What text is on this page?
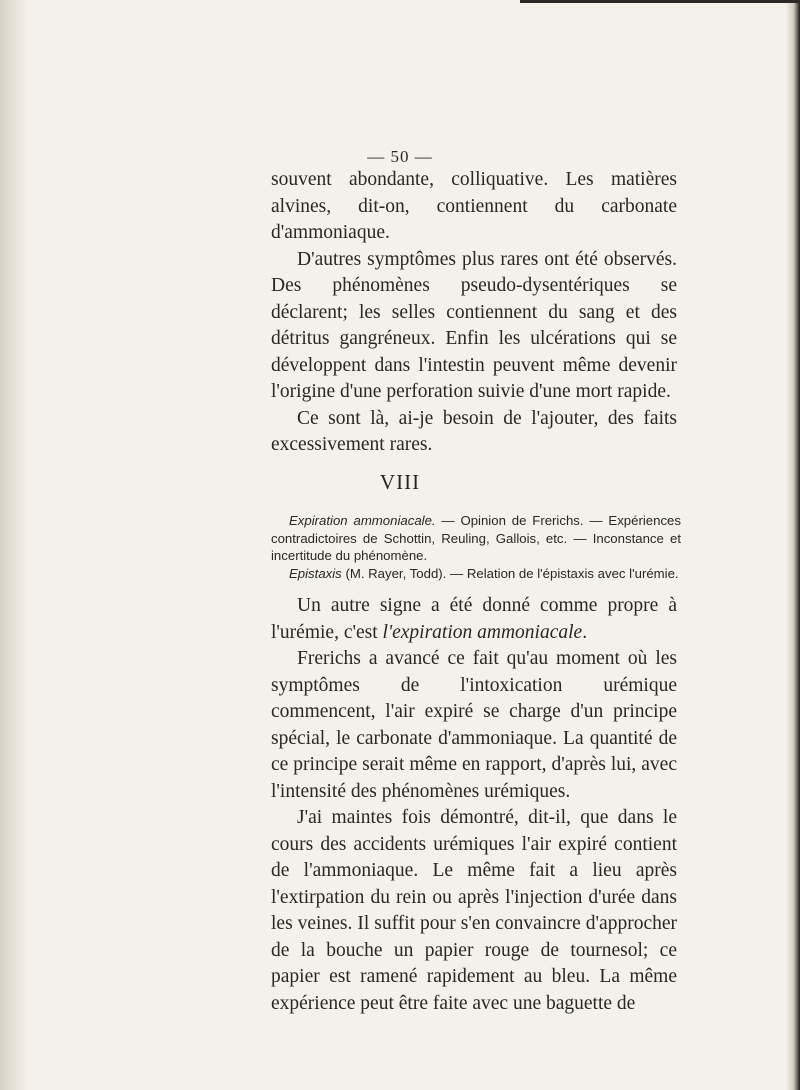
— 50 —

souvent abondante, colliquative. Les matières alvines, dit-on, contiennent du carbonate d'ammoniaque.

D'autres symptômes plus rares ont été observés. Des phénomènes pseudo-dysentériques se déclarent; les selles contiennent du sang et des détritus gangréneux. Enfin les ulcérations qui se développent dans l'intestin peuvent même devenir l'origine d'une perforation suivie d'une mort rapide.

Ce sont là, ai-je besoin de l'ajouter, des faits excessivement rares.

VIII

Expiration ammoniacale. — Opinion de Frerichs. — Expériences contradictoires de Schottin, Reuling, Gallois, etc. — Inconstance et incertitude du phénomène.

Epistaxis (M. Rayer, Todd). — Relation de l'épistaxis avec l'urémie.

Un autre signe a été donné comme propre à l'urémie, c'est l'expiration ammoniacale.

Frerichs a avancé ce fait qu'au moment où les symptômes de l'intoxication urémique commencent, l'air expiré se charge d'un principe spécial, le carbonate d'ammoniaque. La quantité de ce principe serait même en rapport, d'après lui, avec l'intensité des phénomènes urémiques.

J'ai maintes fois démontré, dit-il, que dans le cours des accidents urémiques l'air expiré contient de l'ammoniaque. Le même fait a lieu après l'extirpation du rein ou après l'injection d'urée dans les veines. Il suffit pour s'en convaincre d'approcher de la bouche un papier rouge de tournesol; ce papier est ramené rapidement au bleu. La même expérience peut être faite avec une baguette de
